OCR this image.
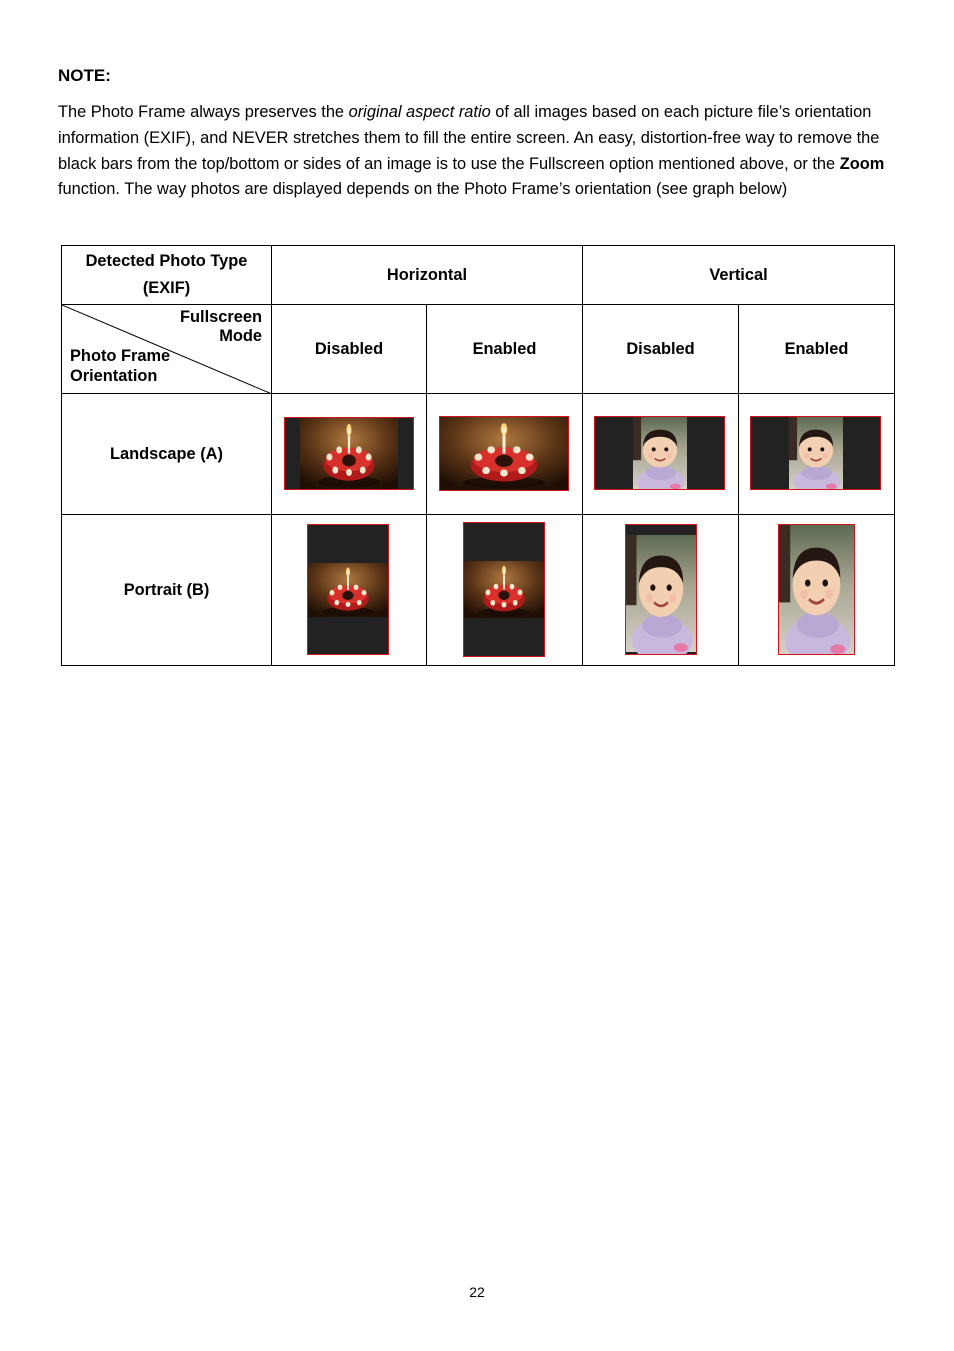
NOTE:

The Photo Frame always preserves the original aspect ratio of all images based on each picture file’s orientation information (EXIF), and NEVER stretches them to fill the entire screen. An easy, distortion-free way to remove the black bars from the top/bottom or sides of an image is to use the Fullscreen option mentioned above, or the Zoom function. The way photos are displayed depends on the Photo Frame’s orientation (see graph below)

Detected Photo Type
(EXIF)	Horizontal		Vertical	

Fullscreen
Mode
Photo Frame
Orientation	Disabled	Enabled	Disabled	Enabled
Landscape (A)	

Portrait (B)	

22
